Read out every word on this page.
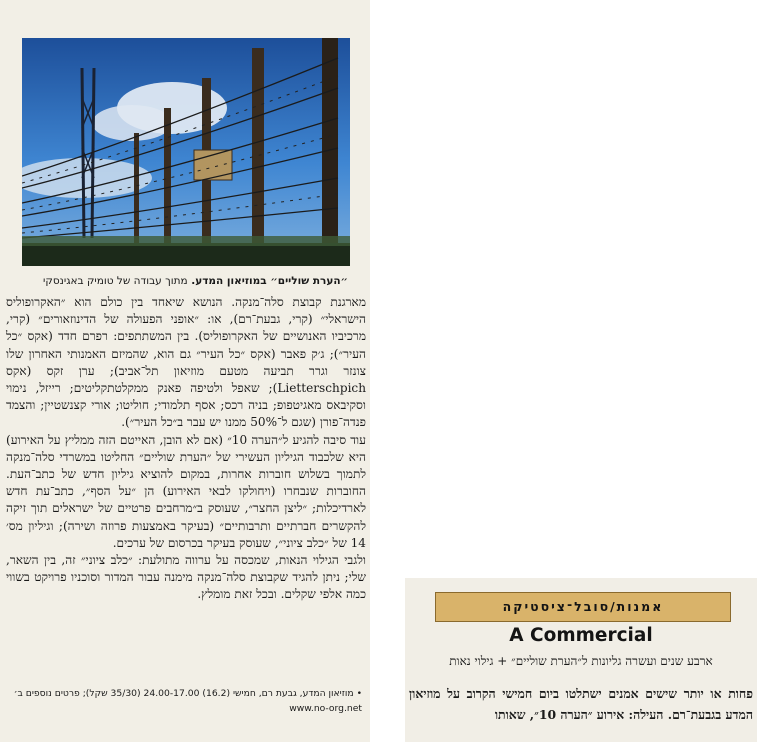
״הערת שוליים״ במוזיאון המדע. מתוך עבודה של טומיק באגינסקי

מארגנת קבוצת סלה־מנקה. הנושא שיאחד בין כולם הוא ״האקרופוליס הישראלי״ (קרי, גבעת־רם), או: ״אופני הפעולה של הדינוזאורים״ (קרי, מרכיביו האנושיים של האקרופוליס). בין המשתתפים: רפרם חדד (אקס ״כל העיר״); ג׳ק פאבר (אקס ״כל העיר״ גם הוא, שהמיזם האמנותי האחרון שלו צונזר וגרר תביעה מטעם מוזיאון תל־אביב); ערן זקס (אקס Lietterschpich); שאפל ולטיפה פאנק ממקלטתקליטים; רייזל, נימוי וסקיבאס מאגיטפופ; בניה רכס; אסף תלמודי; חוליטו; אורי קצנשטיין; והצמד פנדה־פורן (שגם ל־50% ממנו יש עבר ב״כל העיר״).

עוד סיבה להגיע ל״הערה 10״ (אם לא הובן, האייטם הזה ממליץ על האירוע) היא שלכבוד הגיליון העשירי של ״הערת שוליים״ החליטו במשרדי סלה־מנקה לתמוך בשלוש חוברות אחרות, במקום להוציא גיליון חדש של כתב־העת. החוברות שנבחרו (ויחולקו לבאי האירוע) הן ״על הסף״, כתב־עת חדש לארדיכלות; ״ליצן החצר״, שעוסק ב״מרחבים פרטיים של ישראלים תוך זיקה להקשרים חברתיים ותרבותיים״ (בעיקר באמצעות פרוזה ושירה); וגיליון מס׳ 14 של ״כלב ציוני״, שעוסק בעיקר בכרסום של ערכים.

ולגבי הגילוי הנאות, שמכסה על ערווה מתולעת: ״כלב ציוני״ זה, בין השאר, שלי; ניתן להגיד שקבוצת סלה־מנקה מימנה עבור המדור וסוכניו פרויקט בשווי כמה אלפי שקלים. ובכל זאת מומלץ.

• מוזיאון המדע, גבעת רם, חמישי (16.2) 24.00-17.00 (35/30 שקל); פרטים נוספים ב׳ www.no-org.net
אמנות/סובל־ציסטיקה
A Commercial
ארבע שנים ועשרה גליונות ל״הערת שוליים״ + גילוי נאות
פחות או יותר שישים אמנים ישתלטו ביום חמישי הקרוב על מוזיאון המדע בגבעת־רם. העילה: אירוע ״הערה 10״, שאותו
